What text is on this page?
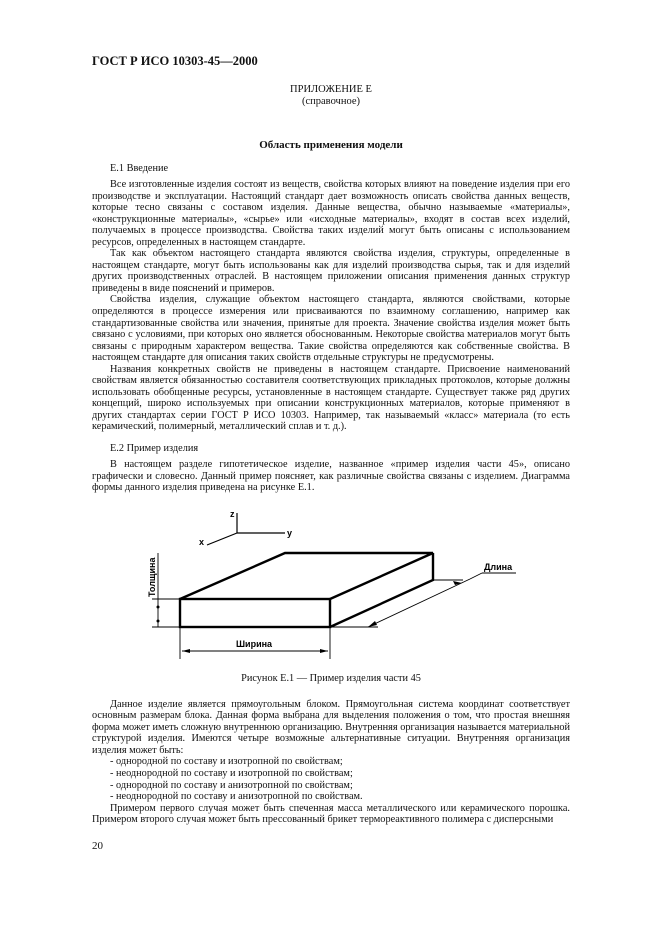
ГОСТ Р ИСО 10303-45—2000
ПРИЛОЖЕНИЕ Е
(справочное)
Область применения модели
Е.1 Введение

Все изготовленные изделия состоят из веществ, свойства которых влияют на поведение изделия при его производстве и эксплуатации. Настоящий стандарт дает возможность описать свойства данных веществ, которые тесно связаны с составом изделия. Данные вещества, обычно называемые «материалы», «конструкционные материалы», «сырье» или «исходные материалы», входят в состав всех изделий, получаемых в процессе производства. Свойства таких изделий могут быть описаны с использованием ресурсов, определенных в настоящем стандарте.

Так как объектом настоящего стандарта являются свойства изделия, структуры, определенные в настоящем стандарте, могут быть использованы как для изделий производства сырья, так и для изделий других производственных отраслей. В настоящем приложении описания применения данных структур приведены в виде пояснений и примеров.

Свойства изделия, служащие объектом настоящего стандарта, являются свойствами, которые определяются в процессе измерения или присваиваются по взаимному соглашению, например как стандартизованные свойства или значения, принятые для проекта. Значение свойства изделия может быть связано с условиями, при которых оно является обоснованным. Некоторые свойства материалов могут быть связаны с природным характером вещества. Такие свойства определяются как собственные свойства. В настоящем стандарте для описания таких свойств отдельные структуры не предусмотрены.

Названия конкретных свойств не приведены в настоящем стандарте. Присвоение наименований свойствам является обязанностью составителя соответствующих прикладных протоколов, которые должны использовать обобщенные ресурсы, установленные в настоящем стандарте. Существует также ряд других концепций, широко используемых при описании конструкционных материалов, которые применяют в других стандартах серии ГОСТ Р ИСО 10303. Например, так называемый «класс» материала (то есть керамический, полимерный, металлический сплав и т. д.).

Е.2 Пример изделия

В настоящем разделе гипотетическое изделие, названное «пример изделия части 45», описано графически и словесно. Данный пример поясняет, как различные свойства связаны с изделием. Диаграмма формы данного изделия приведена на рисунке Е.1.

z
y
x
Толщина
Ширина
Длина
Рисунок Е.1 — Пример изделия части 45

Данное изделие является прямоугольным блоком. Прямоугольная система координат соответствует основным размерам блока. Данная форма выбрана для выделения положения о том, что простая внешняя форма может иметь сложную внутреннюю организацию. Внутренняя организация называется материальной структурой изделия. Имеются четыре возможные альтернативные ситуации. Внутренняя организация изделия может быть:

- однородной по составу и изотропной по свойствам;

- неоднородной по составу и изотропной по свойствам;

- однородной по составу и анизотропной по свойствам;

- неоднородной по составу и анизотропной по свойствам.

Примером первого случая может быть спеченная масса металлического или керамического порошка. Примером второго случая может быть прессованный брикет термореактивного полимера с дисперсными

20
